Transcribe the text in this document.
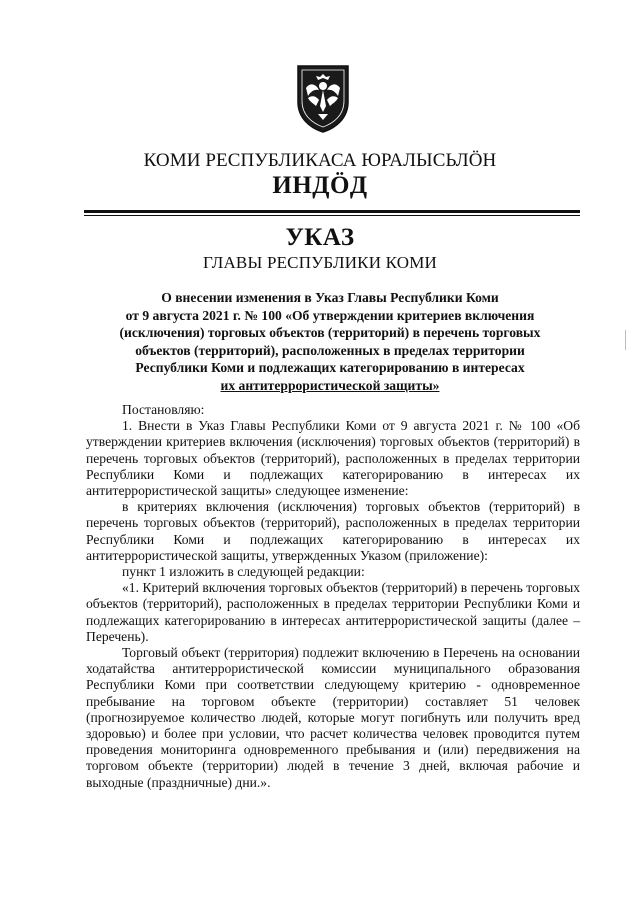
КОМИ РЕСПУБЛИКАСА ЮРАЛЫСЬЛӦН
ИНДӦД
УКАЗ
ГЛАВЫ РЕСПУБЛИКИ КОМИ
О внесении изменения в Указ Главы Республики Коми
от 9 августа 2021 г. № 100 «Об утверждении критериев включения
(исключения) торговых объектов (территорий) в перечень торговых
объектов (территорий), расположенных в пределах территории
Республики Коми и подлежащих категорированию в интересах
их антитеррористической защиты»

Постановляю:

1. Внести в Указ Главы Республики Коми от 9 августа 2021 г. № 100 «Об утверждении критериев включения (исключения) торговых объектов (территорий) в перечень торговых объектов (территорий), расположенных в пределах территории Республики Коми и подлежащих категорированию в интересах их антитеррористической защиты» следующее изменение:

в критериях включения (исключения) торговых объектов (территорий) в перечень торговых объектов (территорий), расположенных в пределах территории Республики Коми и подлежащих категорированию в интересах их антитеррористической защиты, утвержденных Указом (приложение):

пункт 1 изложить в следующей редакции:

«1. Критерий включения торговых объектов (территорий) в перечень торговых объектов (территорий), расположенных в пределах территории Республики Коми и подлежащих категорированию в интересах антитеррористической защиты (далее – Перечень).

Торговый объект (территория) подлежит включению в Перечень на основании ходатайства антитеррористической комиссии муниципального образования Республики Коми при соответствии следующему критерию - одновременное пребывание на торговом объекте (территории) составляет 51 человек (прогнозируемое количество людей, которые могут погибнуть или получить вред здоровью) и более при условии, что расчет количества человек проводится путем проведения мониторинга одновременного пребывания и (или) передвижения на торговом объекте (территории) людей в течение 3 дней, включая рабочие и выходные (праздничные) дни.».
